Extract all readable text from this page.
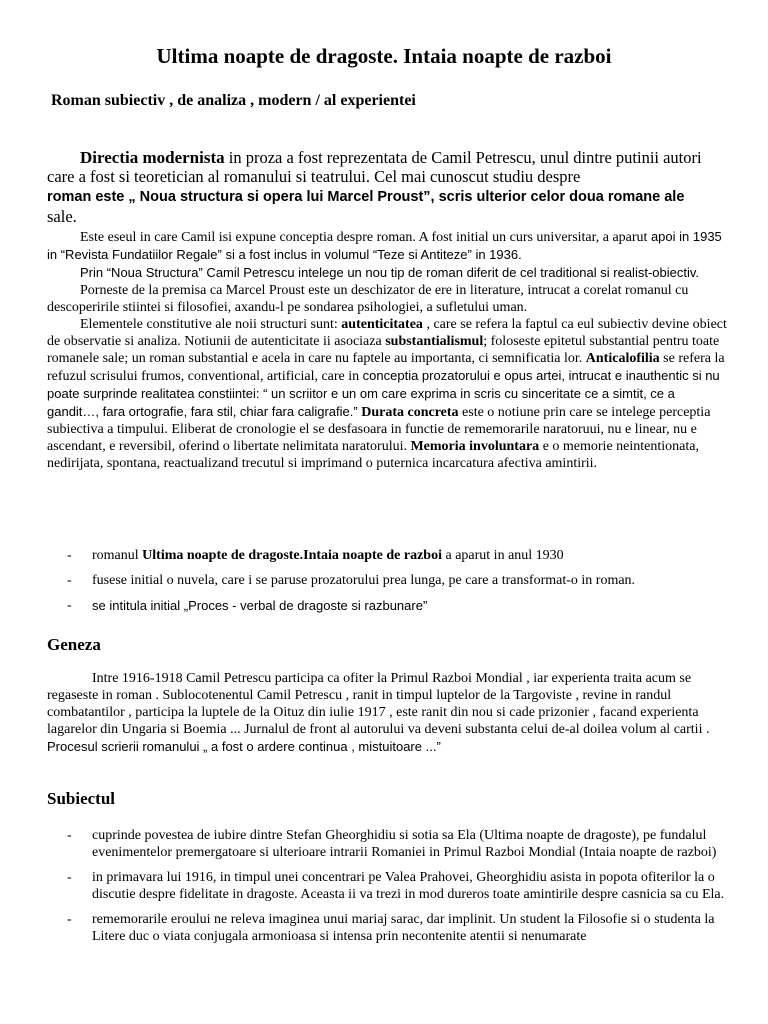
Ultima noapte de dragoste. Intaia noapte de razboi
Roman subiectiv , de analiza , modern / al experientei

Directia modernista in proza a fost reprezentata de Camil Petrescu, unul dintre putinii autori care a fost si teoretician al romanului si teatrului. Cel mai cunoscut studiu despre
roman este „ Noua structura si opera lui Marcel Proust”, scris ulterior celor doua romane ale
sale.

Este eseul in care Camil isi expune conceptia despre roman. A fost initial un curs universitar, a aparut apoi in 1935 in “Revista Fundatiilor Regale” si a fost inclus in volumul “Teze si Antiteze” in 1936.

Prin “Noua Structura” Camil Petrescu intelege un nou tip de roman diferit de cel traditional si realist-obiectiv.

Porneste de la premisa ca Marcel Proust este un deschizator de ere in literature, intrucat a corelat romanul cu descoperirile stiintei si filosofiei, axandu-l pe sondarea psihologiei, a sufletului uman.

Elementele constitutive ale noii structuri sunt: autenticitatea , care se refera la faptul ca eul subiectiv devine obiect de observatie si analiza. Notiunii de autenticitate ii asociaza substantialismul; foloseste epitetul substantial pentru toate romanele sale; un roman substantial e acela in care nu faptele au importanta, ci semnificatia lor. Anticalofilia se refera la refuzul scrisului frumos, conventional, artificial, care in conceptia prozatorului e opus artei, intrucat e inauthentic si nu poate surprinde realitatea constiintei: “ un scriitor e un om care exprima in scris cu sinceritate ce a simtit, ce a gandit…, fara ortografie, fara stil, chiar fara caligrafie.” Durata concreta este o notiune prin care se intelege perceptia subiectiva a timpului. Eliberat de cronologie el se desfasoara in functie de rememorarile naratoruui, nu e linear, nu e ascendant, e reversibil, oferind o libertate nelimitata naratorului. Memoria involuntara e o memorie neintentionata, nedirijata, spontana, reactualizand trecutul si imprimand o puternica incarcatura afectiva amintirii.

- romanul Ultima noapte de dragoste.Intaia noapte de razboi a aparut in anul 1930
- fusese initial o nuvela, care i se paruse prozatorului prea lunga, pe care a transformat-o in roman.
- se intitula initial „Proces - verbal de dragoste si razbunare”
Geneza

Intre 1916-1918 Camil Petrescu participa ca ofiter la Primul Razboi Mondial , iar experienta traita acum se regaseste in roman . Sublocotenentul Camil Petrescu , ranit in timpul luptelor de la Targoviste , revine in randul combatantilor , participa la luptele de la Oituz din iulie 1917 , este ranit din nou si cade prizonier , facand experienta lagarelor din Ungaria si Boemia ... Jurnalul de front al autorului va deveni substanta celui de-al doilea volum al cartii . Procesul scrierii romanului „ a fost o ardere continua , mistuitoare ...”

Subiectul
- cuprinde povestea de iubire dintre Stefan Gheorghidiu si sotia sa Ela (Ultima noapte de dragoste), pe fundalul evenimentelor premergatoare si ulterioare intrarii Romaniei in Primul Razboi Mondial (Intaia noapte de razboi)
- in primavara lui 1916, in timpul unei concentrari pe Valea Prahovei, Gheorghidiu asista in popota ofiterilor la o discutie despre fidelitate in dragoste. Aceasta ii va trezi in mod dureros toate amintirile despre casnicia sa cu Ela.
- rememorarile eroului ne releva imaginea unui mariaj sarac, dar implinit. Un student la Filosofie si o studenta la Litere duc o viata conjugala armonioasa si intensa prin necontenite atentii si nenumarate
